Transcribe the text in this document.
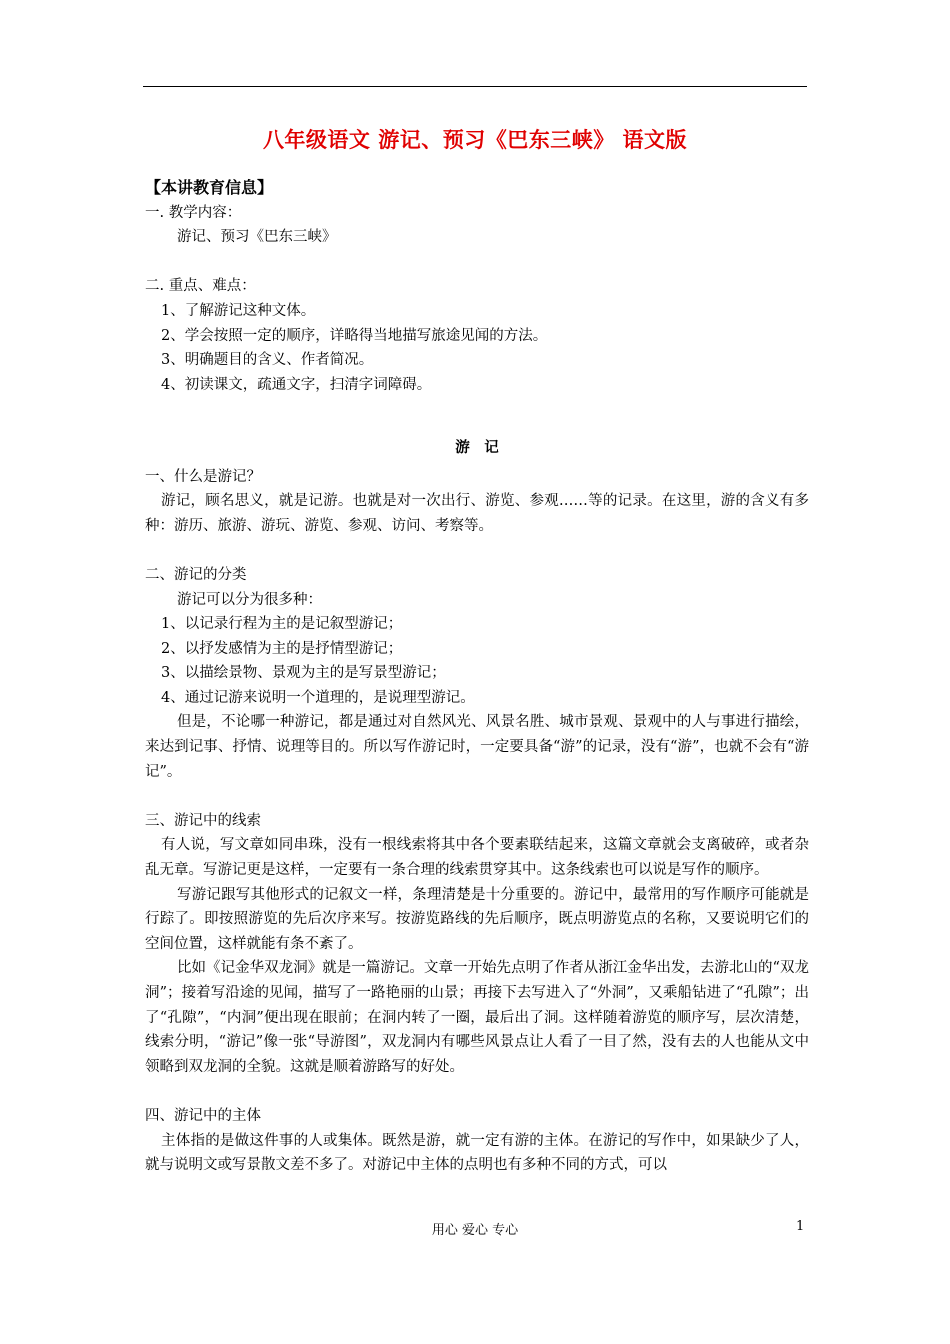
八年级语文 游记、预习《巴东三峡》 语文版

【本讲教育信息】

一. 教学内容：

游记、预习《巴东三峡》

二. 重点、难点：

1、了解游记这种文体。

2、学会按照一定的顺序，详略得当地描写旅途见闻的方法。

3、明确题目的含义、作者简况。

4、初读课文，疏通文字，扫清字词障碍。

游　记

一、什么是游记？

游记，顾名思义，就是记游。也就是对一次出行、游览、参观……等的记录。在这里，游的含义有多种：游历、旅游、游玩、游览、参观、访问、考察等。

二、游记的分类

游记可以分为很多种：

1、以记录行程为主的是记叙型游记；

2、以抒发感情为主的是抒情型游记；

3、以描绘景物、景观为主的是写景型游记；

4、通过记游来说明一个道理的，是说理型游记。

但是，不论哪一种游记，都是通过对自然风光、风景名胜、城市景观、景观中的人与事进行描绘，来达到记事、抒情、说理等目的。所以写作游记时，一定要具备“游”的记录，没有“游”，也就不会有“游记”。

三、游记中的线索

有人说，写文章如同串珠，没有一根线索将其中各个要素联结起来，这篇文章就会支离破碎，或者杂乱无章。写游记更是这样，一定要有一条合理的线索贯穿其中。这条线索也可以说是写作的顺序。

写游记跟写其他形式的记叙文一样，条理清楚是十分重要的。游记中，最常用的写作顺序可能就是行踪了。即按照游览的先后次序来写。按游览路线的先后顺序，既点明游览点的名称，又要说明它们的空间位置，这样就能有条不紊了。

比如《记金华双龙洞》就是一篇游记。文章一开始先点明了作者从浙江金华出发，去游北山的“双龙洞”；接着写沿途的见闻，描写了一路艳丽的山景；再接下去写进入了“外洞”，又乘船钻进了“孔隙”；出了“孔隙”，“内洞”便出现在眼前；在洞内转了一圈，最后出了洞。这样随着游览的顺序写，层次清楚，线索分明，“游记”像一张“导游图”，双龙洞内有哪些风景点让人看了一目了然，没有去的人也能从文中领略到双龙洞的全貌。这就是顺着游路写的好处。

四、游记中的主体

主体指的是做这件事的人或集体。既然是游，就一定有游的主体。在游记的写作中，如果缺少了人，就与说明文或写景散文差不多了。对游记中主体的点明也有多种不同的方式，可以

用心 爱心 专心	1
